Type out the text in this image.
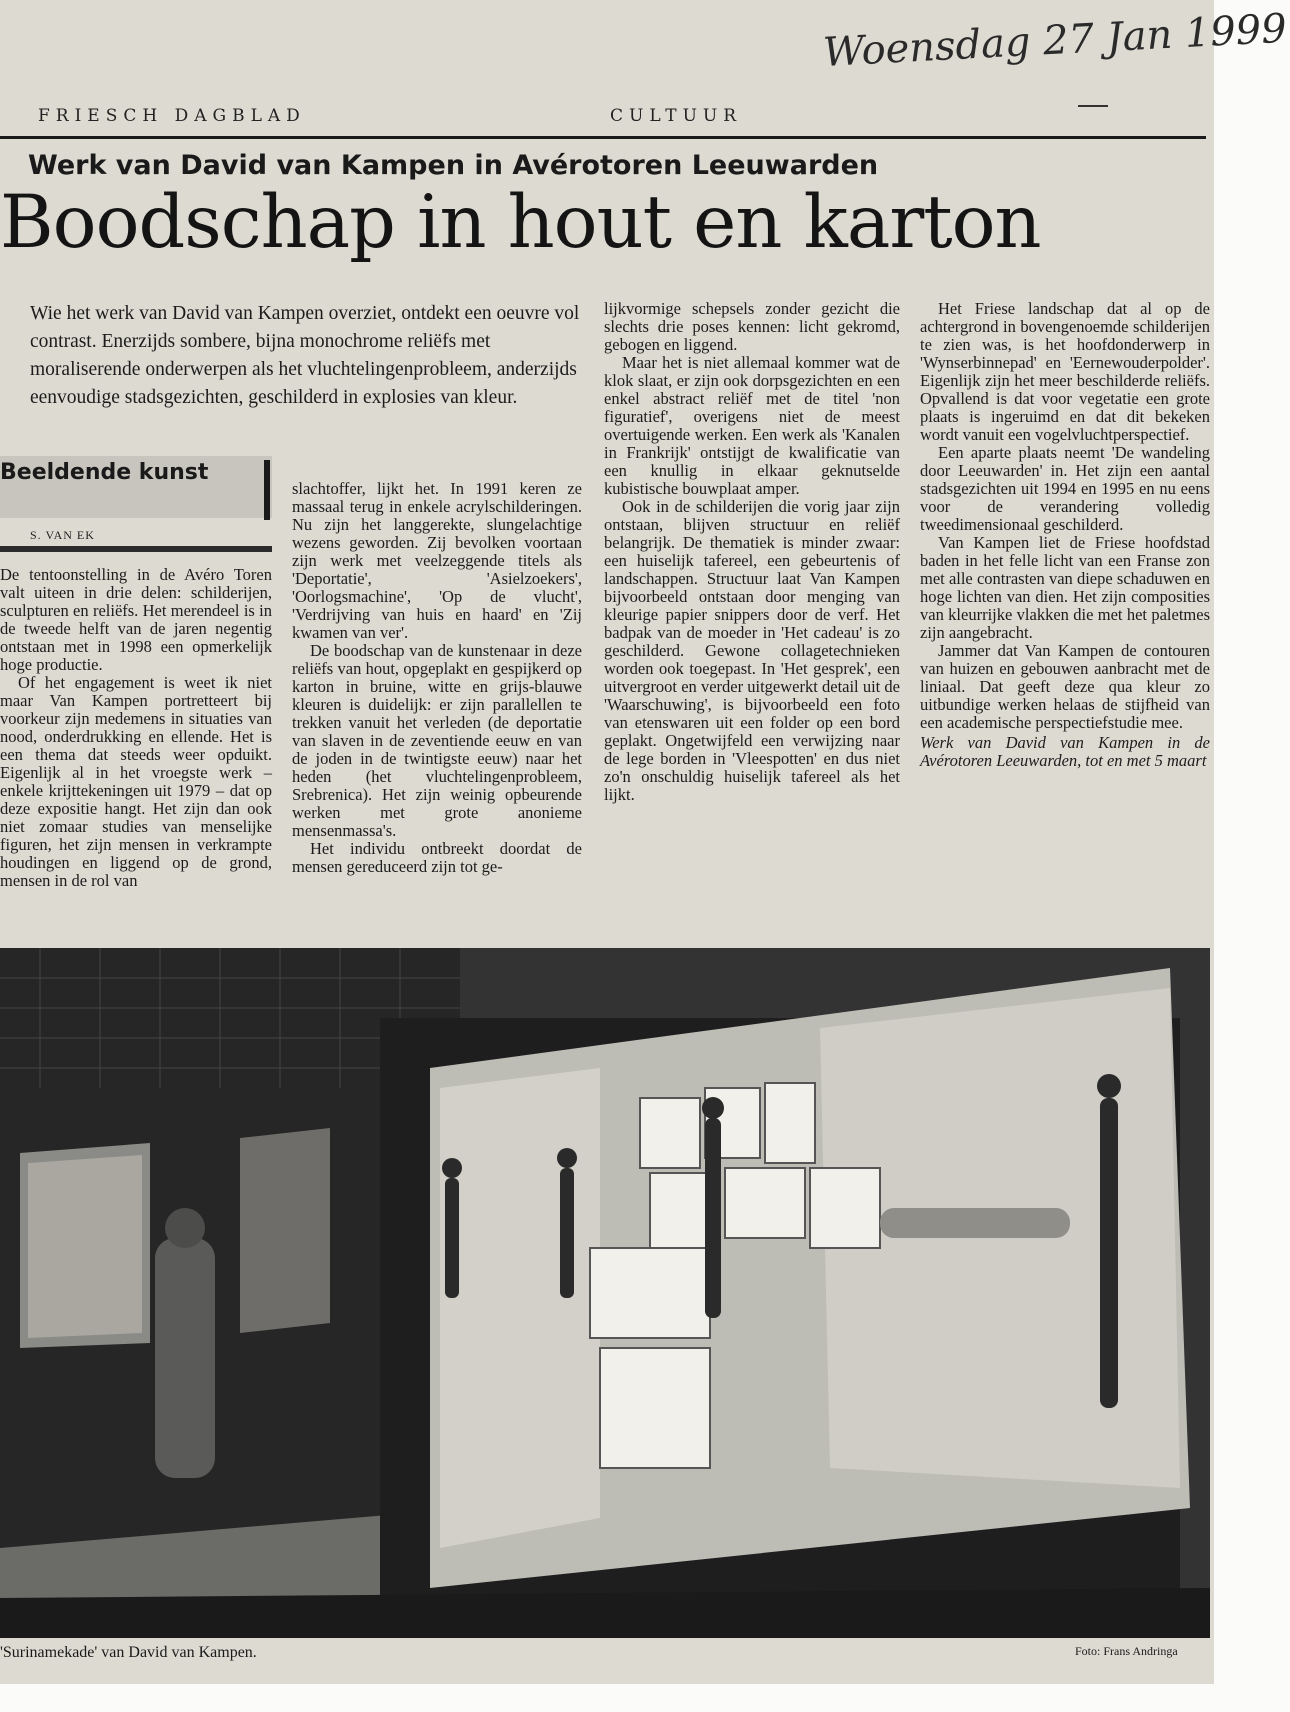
Woensdag 27 Jan 1999
FRIESCH DAGBLAD	CULTUUR
Werk van David van Kampen in Avérotoren Leeuwarden
Boodschap in hout en karton
Wie het werk van David van Kampen overziet, ontdekt een oeuvre vol contrast. Enerzijds sombere, bijna monochrome reliëfs met moraliserende onderwerpen als het vluchtelingenprobleem, anderzijds eenvoudige stadsgezichten, geschilderd in explosies van kleur.
Beeldende kunst
S. VAN EK

De tentoonstelling in de Avéro Toren valt uiteen in drie delen: schilderijen, sculpturen en reliëfs. Het merendeel is in de tweede helft van de jaren negentig ontstaan met in 1998 een opmerkelijk hoge productie.

Of het engagement is weet ik niet maar Van Kampen portretteert bij voorkeur zijn medemens in situaties van nood, onderdrukking en ellende. Het is een thema dat steeds weer opduikt. Eigenlijk al in het vroegste werk – enkele krijttekeningen uit 1979 – dat op deze expositie hangt. Het zijn dan ook niet zomaar studies van menselijke figuren, het zijn mensen in verkrampte houdingen en liggend op de grond, mensen in de rol van

slachtoffer, lijkt het. In 1991 keren ze massaal terug in enkele acrylschilderingen. Nu zijn het langgerekte, slungelachtige wezens geworden. Zij bevolken voortaan zijn werk met veelzeggende titels als 'Deportatie', 'Asielzoekers', 'Oorlogsmachine', 'Op de vlucht', 'Verdrijving van huis en haard' en 'Zij kwamen van ver'.

De boodschap van de kunstenaar in deze reliëfs van hout, opgeplakt en gespijkerd op karton in bruine, witte en grijs-blauwe kleuren is duidelijk: er zijn parallellen te trekken vanuit het verleden (de deportatie van slaven in de zeventiende eeuw en van de joden in de twintigste eeuw) naar het heden (het vluchtelingenprobleem, Srebrenica). Het zijn weinig opbeurende werken met grote anonieme mensenmassa's.

Het individu ontbreekt doordat de mensen gereduceerd zijn tot ge-

lijkvormige schepsels zonder gezicht die slechts drie poses kennen: licht gekromd, gebogen en liggend.

Maar het is niet allemaal kommer wat de klok slaat, er zijn ook dorpsgezichten en een enkel abstract reliëf met de titel 'non figuratief', overigens niet de meest overtuigende werken. Een werk als 'Kanalen in Frankrijk' ontstijgt de kwalificatie van een knullig in elkaar geknutselde kubistische bouwplaat amper.

Ook in de schilderijen die vorig jaar zijn ontstaan, blijven structuur en reliëf belangrijk. De thematiek is minder zwaar: een huiselijk tafereel, een gebeurtenis of landschappen. Structuur laat Van Kampen bijvoorbeeld ontstaan door menging van kleurige papier snippers door de verf. Het badpak van de moeder in 'Het cadeau' is zo geschilderd. Gewone collagetechnieken worden ook toegepast. In 'Het gesprek', een uitvergroot en verder uitgewerkt detail uit de 'Waarschuwing', is bijvoorbeeld een foto van etenswaren uit een folder op een bord geplakt. Ongetwijfeld een verwijzing naar de lege borden in 'Vleespotten' en dus niet zo'n onschuldig huiselijk tafereel als het lijkt.

Het Friese landschap dat al op de achtergrond in bovengenoemde schilderijen te zien was, is het hoofdonderwerp in 'Wynserbinnepad' en 'Eernewouderpolder'. Eigenlijk zijn het meer beschilderde reliëfs. Opvallend is dat voor vegetatie een grote plaats is ingeruimd en dat dit bekeken wordt vanuit een vogelvluchtperspectief.

Een aparte plaats neemt 'De wandeling door Leeuwarden' in. Het zijn een aantal stadsgezichten uit 1994 en 1995 en nu eens voor de verandering volledig tweedimensionaal geschilderd.

Van Kampen liet de Friese hoofdstad baden in het felle licht van een Franse zon met alle contrasten van diepe schaduwen en hoge lichten van dien. Het zijn composities van kleurrijke vlakken die met het paletmes zijn aangebracht.

Jammer dat Van Kampen de contouren van huizen en gebouwen aanbracht met de liniaal. Dat geeft deze qua kleur zo uitbundige werken helaas de stijfheid van een academische perspectiefstudie mee.

Werk van David van Kampen in de Avérotoren Leeuwarden, tot en met 5 maart

'Surinamekade' van David van Kampen.	Foto: Frans Andringa
